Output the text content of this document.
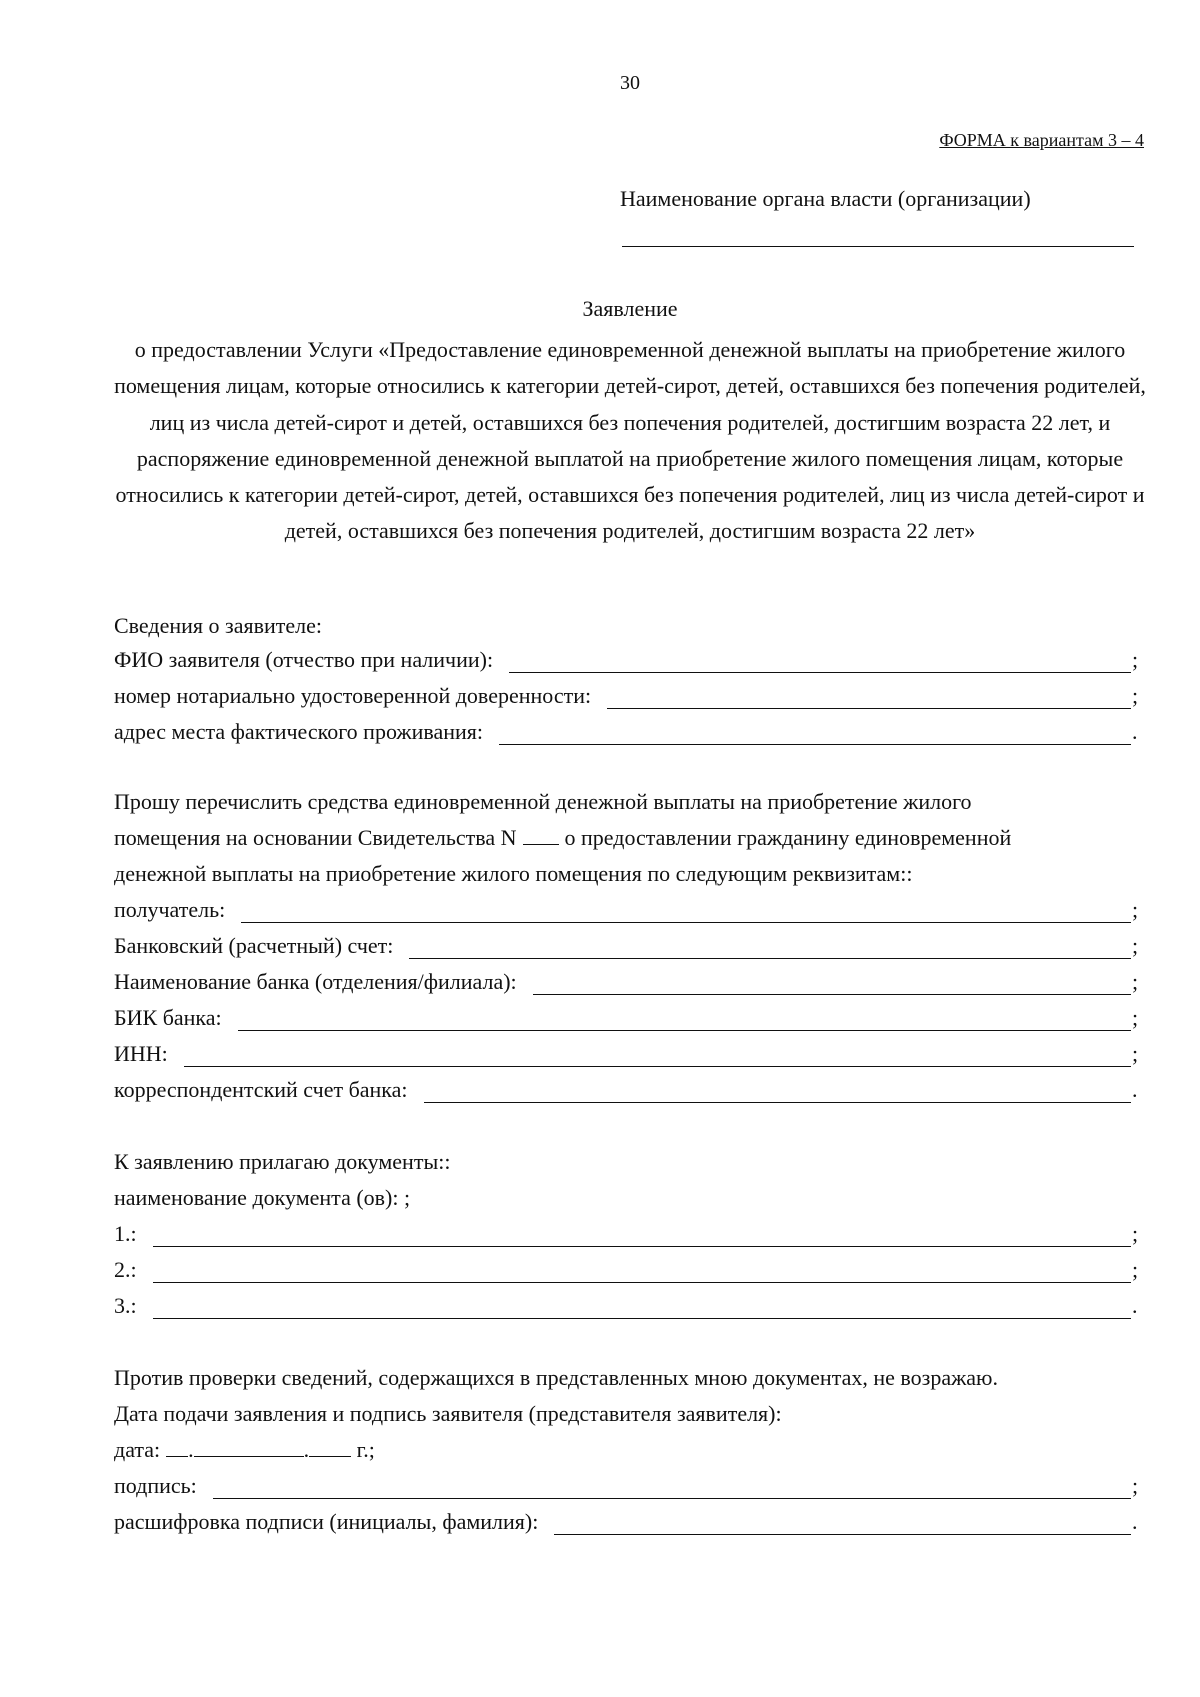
30
ФОРМА к вариантам 3 – 4
Наименование органа власти (организации)
Заявление
о предоставлении Услуги «Предоставление единовременной денежной выплаты на приобретение жилого помещения лицам, которые относились к категории детей-сирот, детей, оставшихся без попечения родителей, лиц из числа детей-сирот и детей, оставшихся без попечения родителей, достигшим возраста 22 лет, и распоряжение единовременной денежной выплатой на приобретение жилого помещения лицам, которые относились к категории детей-сирот, детей, оставшихся без попечения родителей, лиц из числа детей-сирот и детей, оставшихся без попечения родителей, достигшим возраста 22 лет»
Сведения о заявителе:
ФИО заявителя (отчество при наличии):	;
номер нотариально удостоверенной доверенности:	;
адрес места фактического проживания:	.
Прошу перечислить средства единовременной денежной выплаты на приобретение жилого
помещения на основании Свидетельства N о предоставлении гражданину единовременной
денежной выплаты на приобретение жилого помещения по следующим реквизитам::
получатель:	;
Банковский (расчетный) счет:	;
Наименование банка (отделения/филиала):	;
БИК банка:	;
ИНН:	;
корреспондентский счет банка:	.
К заявлению прилагаю документы::
наименование документа (ов): ;
1.:	;
2.:	;
3.:	.
Против проверки сведений, содержащихся в представленных мною документах, не возражаю.
Дата подачи заявления и подпись заявителя (представителя заявителя):
дата: .	. г.;
подпись:	;
расшифровка подписи (инициалы, фамилия):	.
